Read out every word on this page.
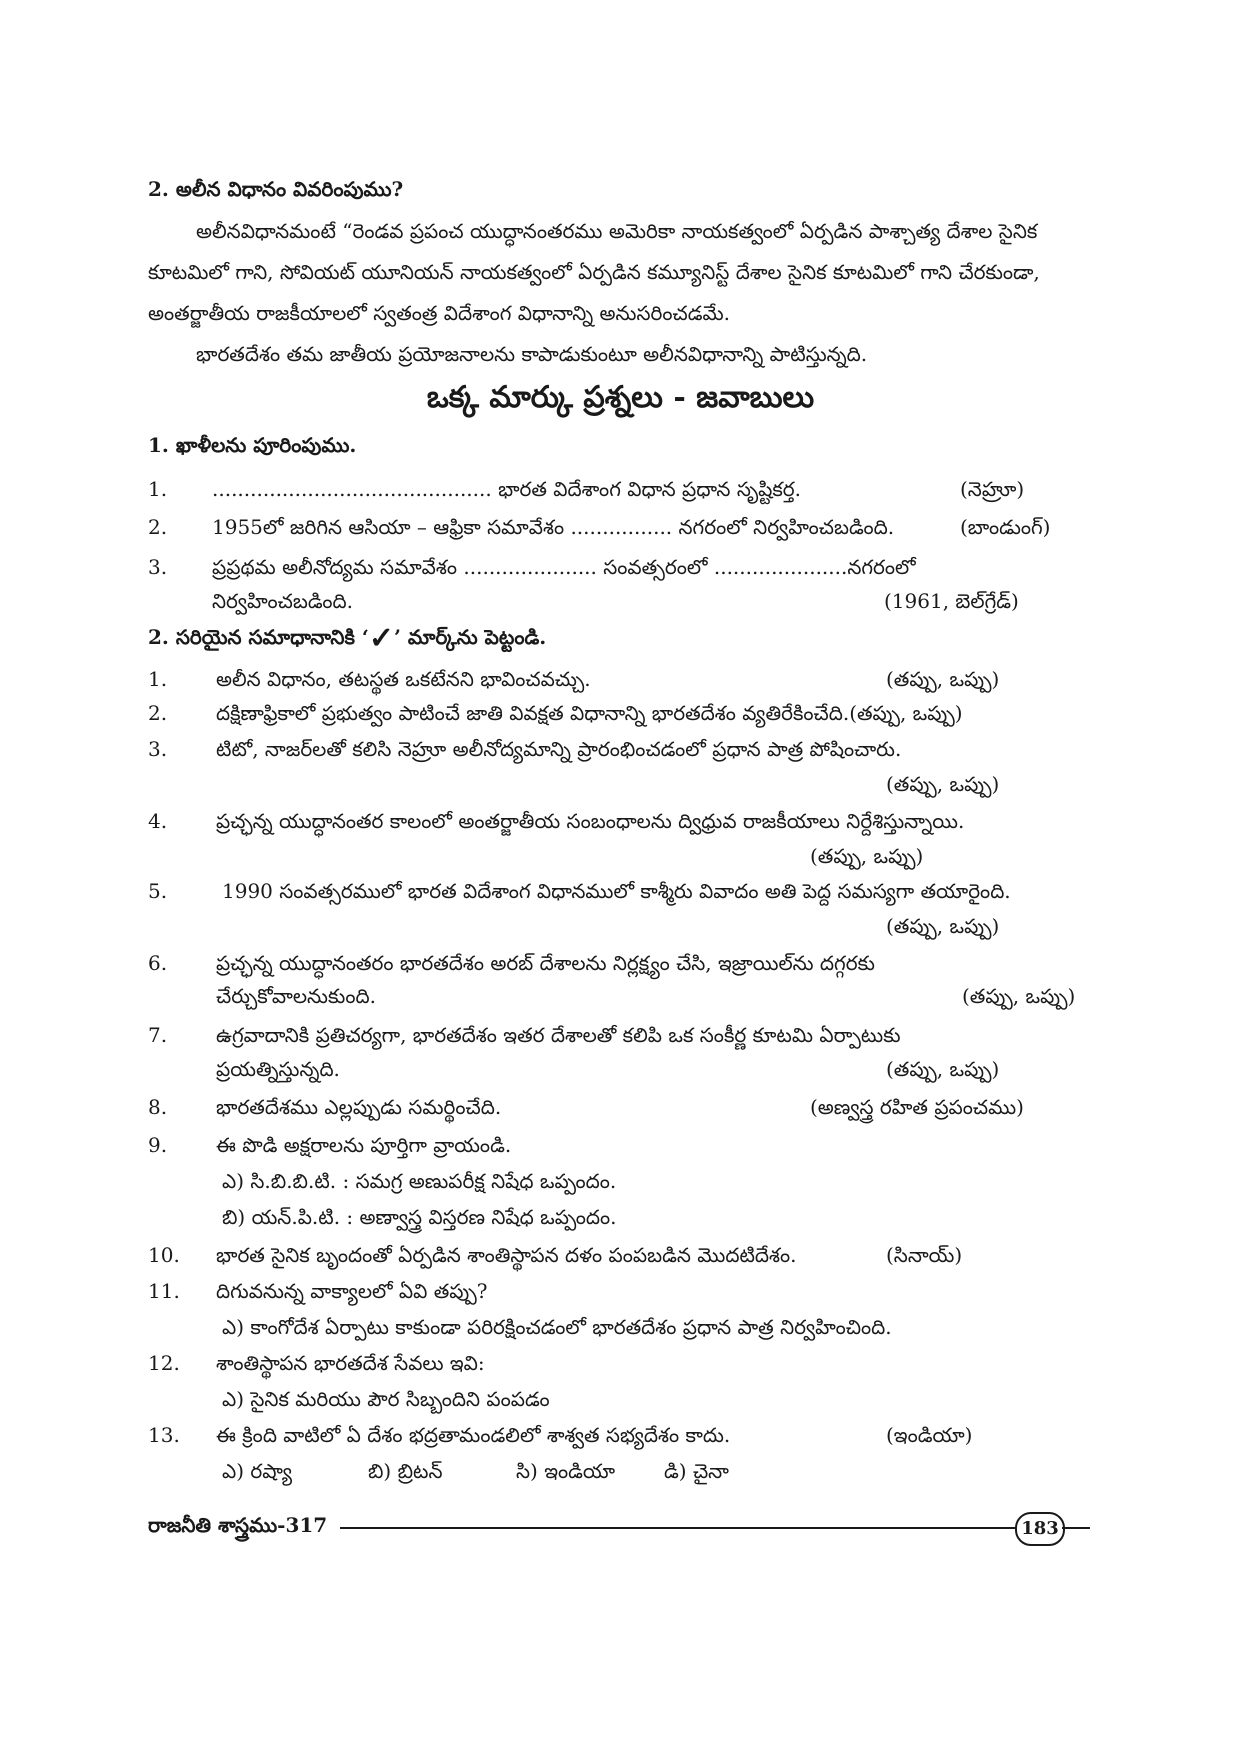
2. అలీన విధానం వివరింపుము?
అలీనవిధానమంటే “రెండవ ప్రపంచ యుద్ధానంతరము అమెరికా నాయకత్వంలో ఏర్పడిన పాశ్చాత్య దేశాల సైనిక
కూటమిలో గాని, సోవియట్ యూనియన్ నాయకత్వంలో ఏర్పడిన కమ్యూనిస్ట్ దేశాల సైనిక కూటమిలో గాని చేరకుండా,
అంతర్జాతీయ రాజకీయాలలో స్వతంత్ర విదేశాంగ విధానాన్ని అనుసరించడమే.
భారతదేశం తమ జాతీయ ప్రయోజనాలను కాపాడుకుంటూ అలీనవిధానాన్ని పాటిస్తున్నది.
ఒక్క మార్కు ప్రశ్నలు - జవాబులు
1. ఖాళీలను పూరింపుము.
1. ............................................ భారత విదేశాంగ విధాన ప్రధాన సృష్టికర్త.	(నెహ్రూ)
2. 1955లో జరిగిన ఆసియా – ఆఫ్రికా సమావేశం ................ నగరంలో నిర్వహించబడింది.	(బాండుంగ్)
3. ప్రప్రథమ అలీనోద్యమ సమావేశం ..................... సంవత్సరంలో .....................నగరంలో
నిర్వహించబడింది.	(1961, బెల్‌గ్రేడ్)
2. సరియైన సమాధానానికి ‘✓’ మార్క్‌ను పెట్టండి.
1. అలీన విధానం, తటస్థత ఒకటేనని భావించవచ్చు.	(తప్పు, ఒప్పు)
2. దక్షిణాఫ్రికాలో ప్రభుత్వం పాటించే జాతి వివక్షత విధానాన్ని భారతదేశం వ్యతిరేకించేది.(తప్పు, ఒప్పు)
3. టిటో, నాజర్‌లతో కలిసి నెహ్రూ అలీనోద్యమాన్ని ప్రారంభించడంలో ప్రధాన పాత్ర పోషించారు.
(తప్పు, ఒప్పు)
4. ప్రచ్ఛన్న యుద్ధానంతర కాలంలో అంతర్జాతీయ సంబంధాలను ద్విధ్రువ రాజకీయాలు నిర్దేశిస్తున్నాయి.
(తప్పు, ఒప్పు)
5.	1990 సంవత్సరములో భారత విదేశాంగ విధానములో కాశ్మీరు వివాదం అతి పెద్ద సమస్యగా తయారైంది.
(తప్పు, ఒప్పు)
6. ప్రచ్ఛన్న యుద్ధానంతరం భారతదేశం అరబ్ దేశాలను నిర్లక్ష్యం చేసి, ఇజ్రాయిల్‌ను దగ్గరకు
చేర్చుకోవాలనుకుంది.	(తప్పు, ఒప్పు)
7. ఉగ్రవాదానికి ప్రతిచర్యగా, భారతదేశం ఇతర దేశాలతో కలిపి ఒక సంకీర్ణ కూటమి ఏర్పాటుకు
ప్రయత్నిస్తున్నది.	(తప్పు, ఒప్పు)
8. భారతదేశము ఎల్లప్పుడు సమర్థించేది.	(అణ్వస్త్ర రహిత ప్రపంచము)
9. ఈ పొడి అక్షరాలను పూర్తిగా వ్రాయండి.
ఎ) సి.బి.బి.టి. : సమగ్ర అణుపరీక్ష నిషేధ ఒప్పందం.
బి) యన్.పి.టి. : అణ్వాస్త్ర విస్తరణ నిషేధ ఒప్పందం.
10. భారత సైనిక బృందంతో ఏర్పడిన శాంతిస్థాపన దళం పంపబడిన మొదటిదేశం.	(సినాయ్)
11. దిగువనున్న వాక్యాలలో ఏవి తప్పు?
ఎ) కాంగోదేశ ఏర్పాటు కాకుండా పరిరక్షించడంలో భారతదేశం ప్రధాన పాత్ర నిర్వహించింది.
12. శాంతిస్థాపన భారతదేశ సేవలు ఇవి:
ఎ) సైనిక మరియు పౌర సిబ్బందిని పంపడం
13. ఈ క్రింది వాటిలో ఏ దేశం భద్రతామండలిలో శాశ్వత సభ్యదేశం కాదు.	(ఇండియా)
ఎ) రష్యా	బి) బ్రిటన్	సి) ఇండియా డి) చైనా
రాజనీతి శాస్త్రము-317	183
